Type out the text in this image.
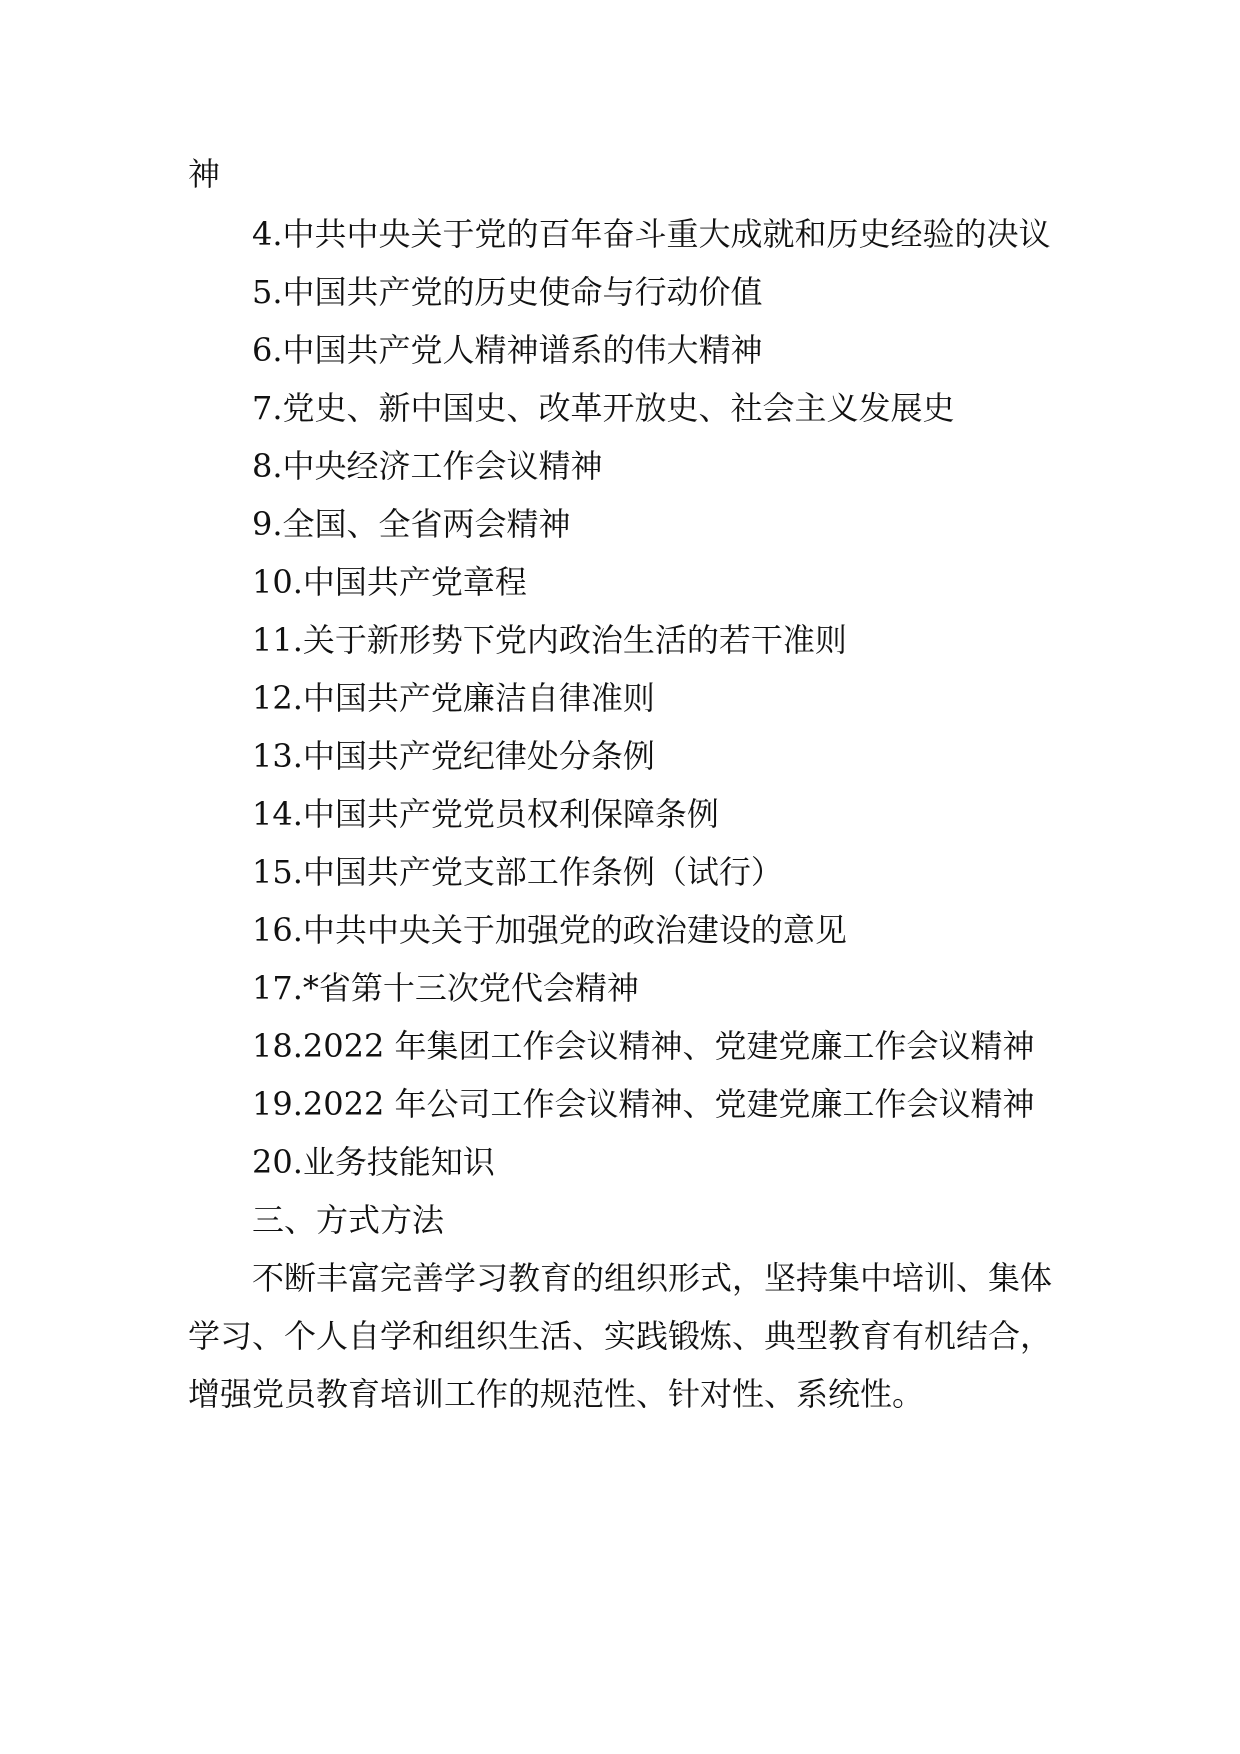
神
4.中共中央关于党的百年奋斗重大成就和历史经验的决议
5.中国共产党的历史使命与行动价值
6.中国共产党人精神谱系的伟大精神
7.党史、新中国史、改革开放史、社会主义发展史
8.中央经济工作会议精神
9.全国、全省两会精神
10.中国共产党章程
11.关于新形势下党内政治生活的若干准则
12.中国共产党廉洁自律准则
13.中国共产党纪律处分条例
14.中国共产党党员权利保障条例
15.中国共产党支部工作条例（试行）
16.中共中央关于加强党的政治建设的意见
17.*省第十三次党代会精神
18.2022 年集团工作会议精神、党建党廉工作会议精神
19.2022 年公司工作会议精神、党建党廉工作会议精神
20.业务技能知识
三、方式方法
不断丰富完善学习教育的组织形式，坚持集中培训、集体
学习、个人自学和组织生活、实践锻炼、典型教育有机结合，
增强党员教育培训工作的规范性、针对性、系统性。
